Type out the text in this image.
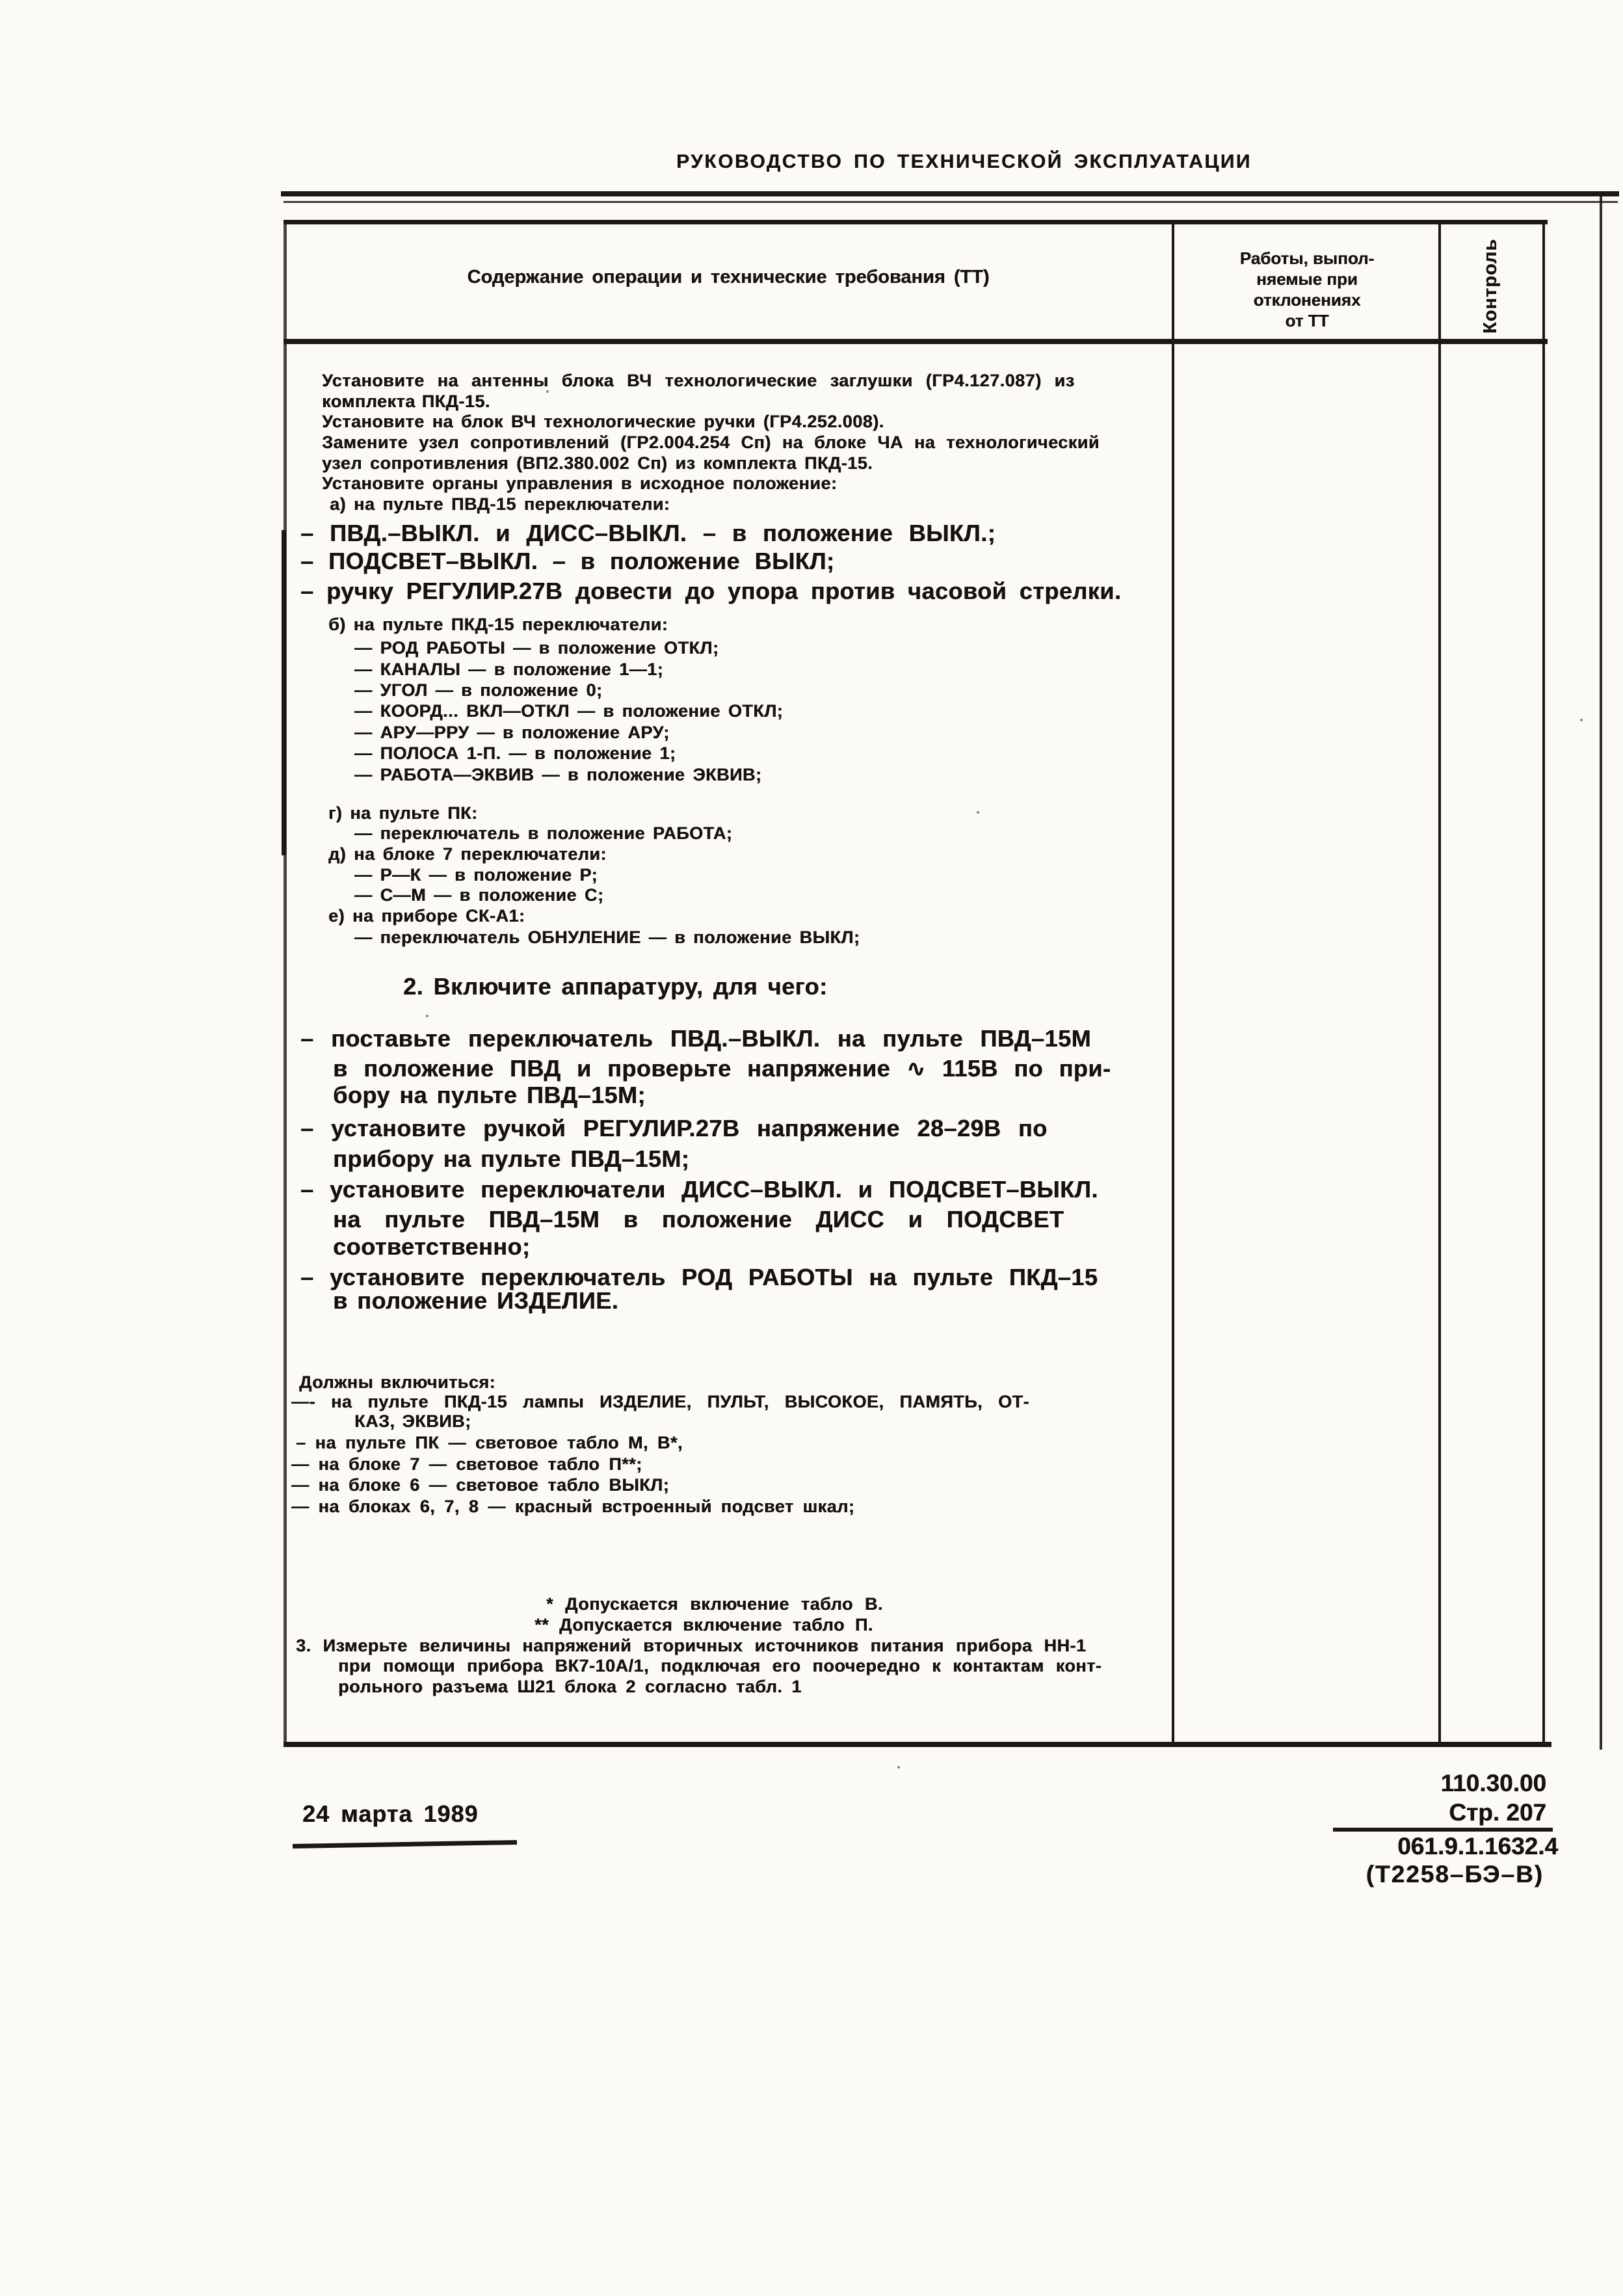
РУКОВОДСТВО ПО ТЕХНИЧЕСКОЙ ЭКСПЛУАТАЦИИ
Содержание операции и технические требования (ТТ)
Работы, выпол-
няемые при
отклонениях
от ТТ	Контроль
Установите на антенны блока ВЧ технологические заглушки (ГР4.127.087) из
комплекта ПКД-15.
Установите на блок ВЧ технологические ручки (ГР4.252.008).
Замените узел сопротивлений (ГР2.004.254 Сп) на блоке ЧА на технологический
узел сопротивления (ВП2.380.002 Сп) из комплекта ПКД-15.
Установите органы управления в исходное положение:
а) на пульте ПВД-15 переключатели:
– ПВД.–ВЫКЛ. и ДИСС–ВЫКЛ. – в положение ВЫКЛ.;
– ПОДСВЕТ–ВЫКЛ. – в положение ВЫКЛ;
– ручку РЕГУЛИР.27В довести до упора против часовой стрелки.
б) на пульте ПКД-15 переключатели:
— РОД РАБОТЫ — в положение ОТКЛ;
— КАНАЛЫ — в положение 1—1;
— УГОЛ — в положение 0;
— КООРД... ВКЛ—ОТКЛ — в положение ОТКЛ;
— АРУ—РРУ — в положение АРУ;
— ПОЛОСА 1-П. — в положение 1;
— РАБОТА—ЭКВИВ — в положение ЭКВИВ;
г) на пульте ПК:
— переключатель в положение РАБОТА;
д) на блоке 7 переключатели:
— Р—К — в положение Р;
— С—М — в положение С;
е) на приборе СК-А1:
— переключатель ОБНУЛЕНИЕ — в положение ВЫКЛ;
2. Включите аппаратуру, для чего:
– поставьте переключатель ПВД.–ВЫКЛ. на пульте ПВД–15М
в положение ПВД и проверьте напряжение ∿ 115В по при-
бору на пульте ПВД–15М;
– установите ручкой РЕГУЛИР.27В напряжение 28–29В по
прибору на пульте ПВД–15М;
– установите переключатели ДИСС–ВЫКЛ. и ПОДСВЕТ–ВЫКЛ.
на пульте ПВД–15М в положение ДИСС и ПОДСВЕТ
соответственно;
– установите переключатель РОД РАБОТЫ на пульте ПКД–15
в положение ИЗДЕЛИЕ.
Должны включиться:
—- на пульте ПКД-15 лампы ИЗДЕЛИЕ, ПУЛЬТ, ВЫСОКОЕ, ПАМЯТЬ, ОТ-
КАЗ, ЭКВИВ;
– на пульте ПК — световое табло М, В*,
— на блоке 7 — световое табло П**;
— на блоке 6 — световое табло ВЫКЛ;
— на блоках 6, 7, 8 — красный встроенный подсвет шкал;
* Допускается включение табло В.
** Допускается включение табло П.
3. Измерьте величины напряжений вторичных источников питания прибора НН-1
при помощи прибора ВК7-10А/1, подключая его поочередно к контактам конт-
рольного разъема Ш21 блока 2 согласно табл. 1
24 марта 1989
110.30.00
Стр. 207
061.9.1.1632.4
(Т2258–БЭ–В)
